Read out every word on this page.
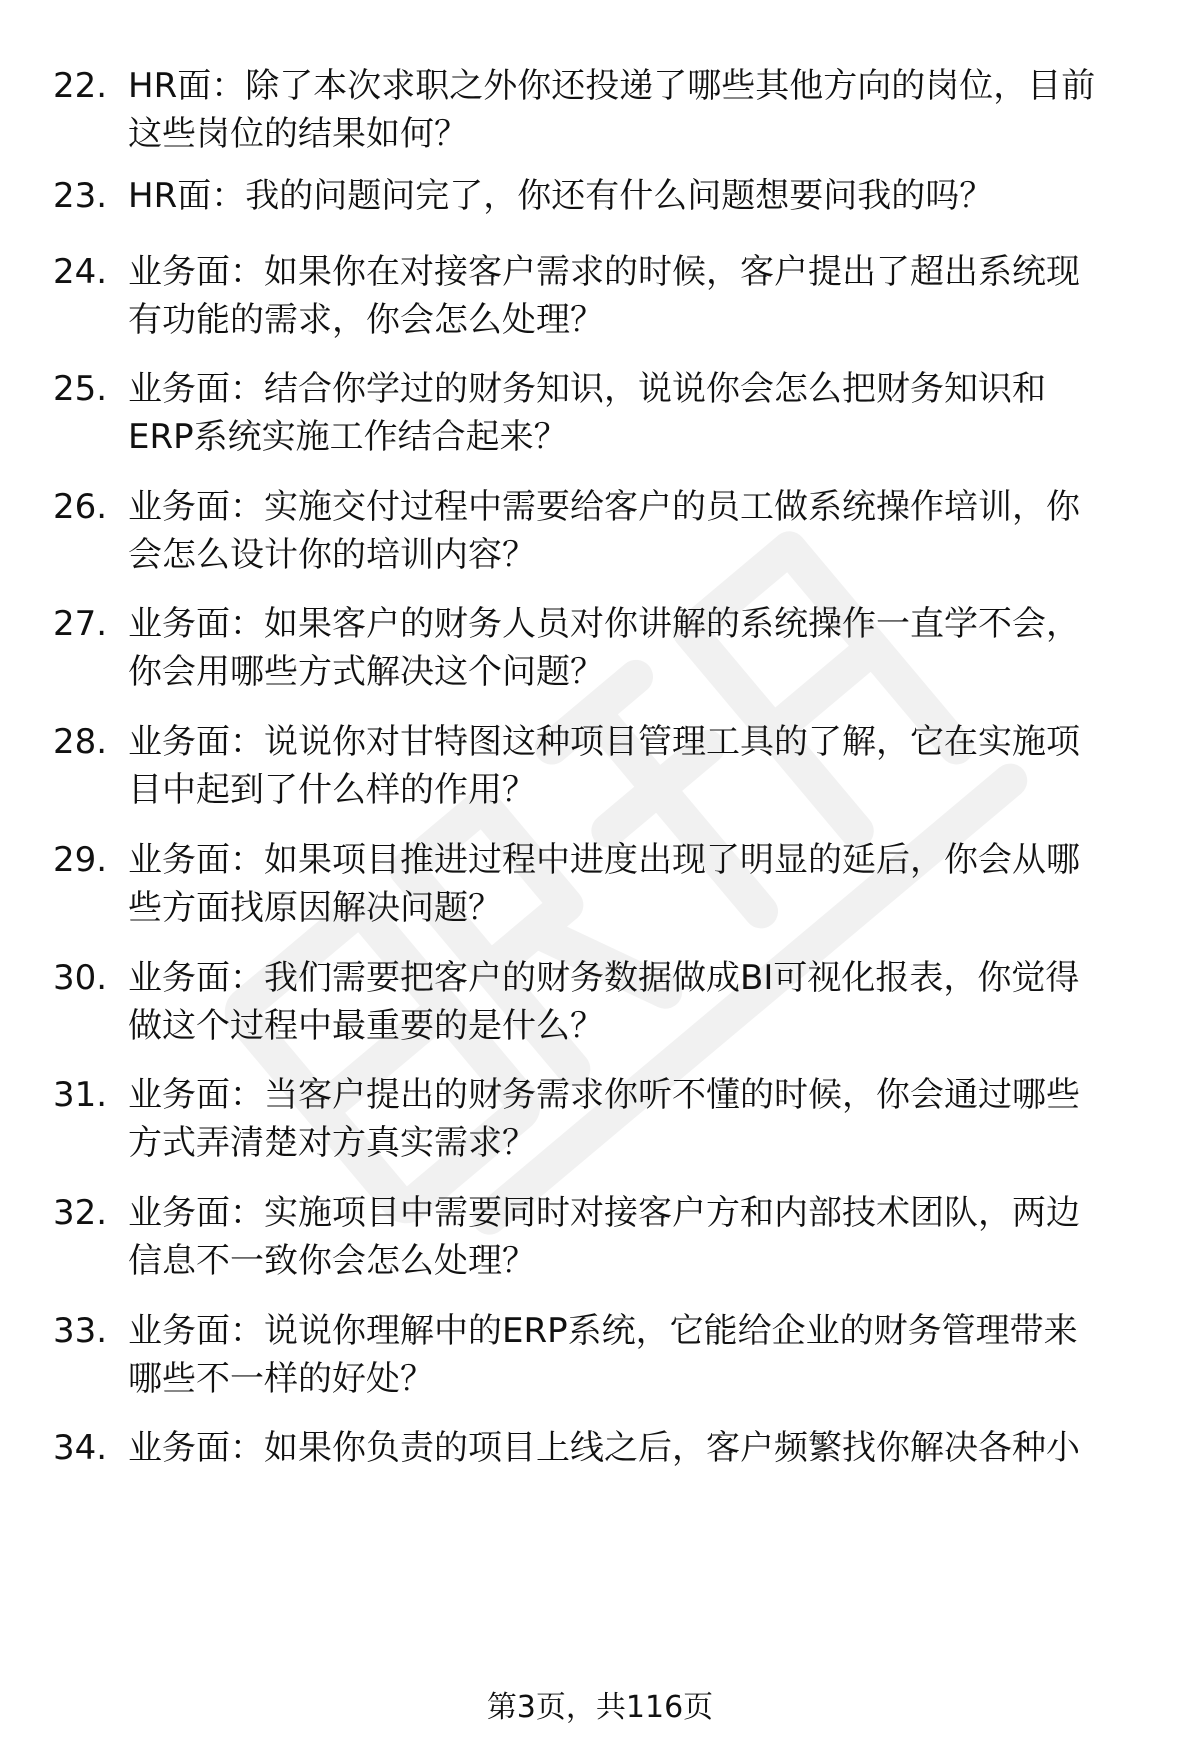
22. HR面：除了本次求职之外你还投递了哪些其他方向的岗位，目前
这些岗位的结果如何？

23. HR面：我的问题问完了，你还有什么问题想要问我的吗？

24. 业务面：如果你在对接客户需求的时候，客户提出了超出系统现
有功能的需求，你会怎么处理？

25. 业务面：结合你学过的财务知识，说说你会怎么把财务知识和
ERP系统实施工作结合起来？

26. 业务面：实施交付过程中需要给客户的员工做系统操作培训，你
会怎么设计你的培训内容？

27. 业务面：如果客户的财务人员对你讲解的系统操作一直学不会，
你会用哪些方式解决这个问题？

28. 业务面：说说你对甘特图这种项目管理工具的了解，它在实施项
目中起到了什么样的作用？

29. 业务面：如果项目推进过程中进度出现了明显的延后，你会从哪
些方面找原因解决问题？

30. 业务面：我们需要把客户的财务数据做成BI可视化报表，你觉得
做这个过程中最重要的是什么？

31. 业务面：当客户提出的财务需求你听不懂的时候，你会通过哪些
方式弄清楚对方真实需求？

32. 业务面：实施项目中需要同时对接客户方和内部技术团队，两边
信息不一致你会怎么处理？

33. 业务面：说说你理解中的ERP系统，它能给企业的财务管理带来
哪些不一样的好处？

34. 业务面：如果你负责的项目上线之后，客户频繁找你解决各种小

第3页，共116页
